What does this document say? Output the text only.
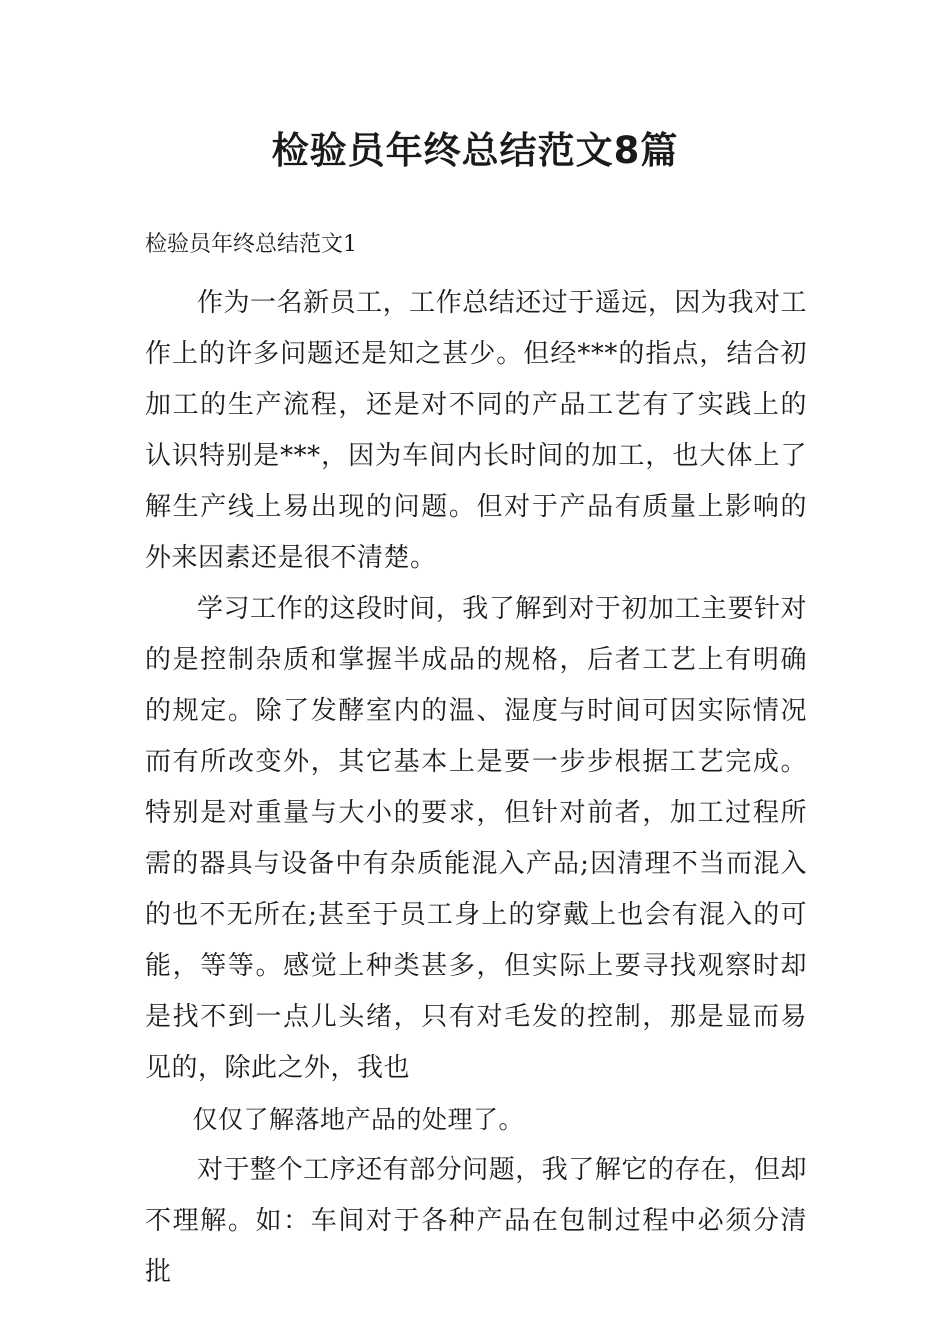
检验员年终总结范文8篇
检验员年终总结范文1

作为一名新员工，工作总结还过于遥远，因为我对工作上的许多问题还是知之甚少。但经***的指点，结合初加工的生产流程，还是对不同的产品工艺有了实践上的认识特别是***，因为车间内长时间的加工，也大体上了解生产线上易出现的问题。但对于产品有质量上影响的外来因素还是很不清楚。

学习工作的这段时间，我了解到对于初加工主要针对的是控制杂质和掌握半成品的规格，后者工艺上有明确的规定。除了发酵室内的温、湿度与时间可因实际情况而有所改变外，其它基本上是要一步步根据工艺完成。特别是对重量与大小的要求，但针对前者，加工过程所需的器具与设备中有杂质能混入产品;因清理不当而混入的也不无所在;甚至于员工身上的穿戴上也会有混入的可能，等等。感觉上种类甚多，但实际上要寻找观察时却是找不到一点儿头绪，只有对毛发的控制，那是显而易见的，除此之外，我也

仅仅了解落地产品的处理了。

对于整个工序还有部分问题，我了解它的存在，但却不理解。如：车间对于各种产品在包制过程中必须分清批
